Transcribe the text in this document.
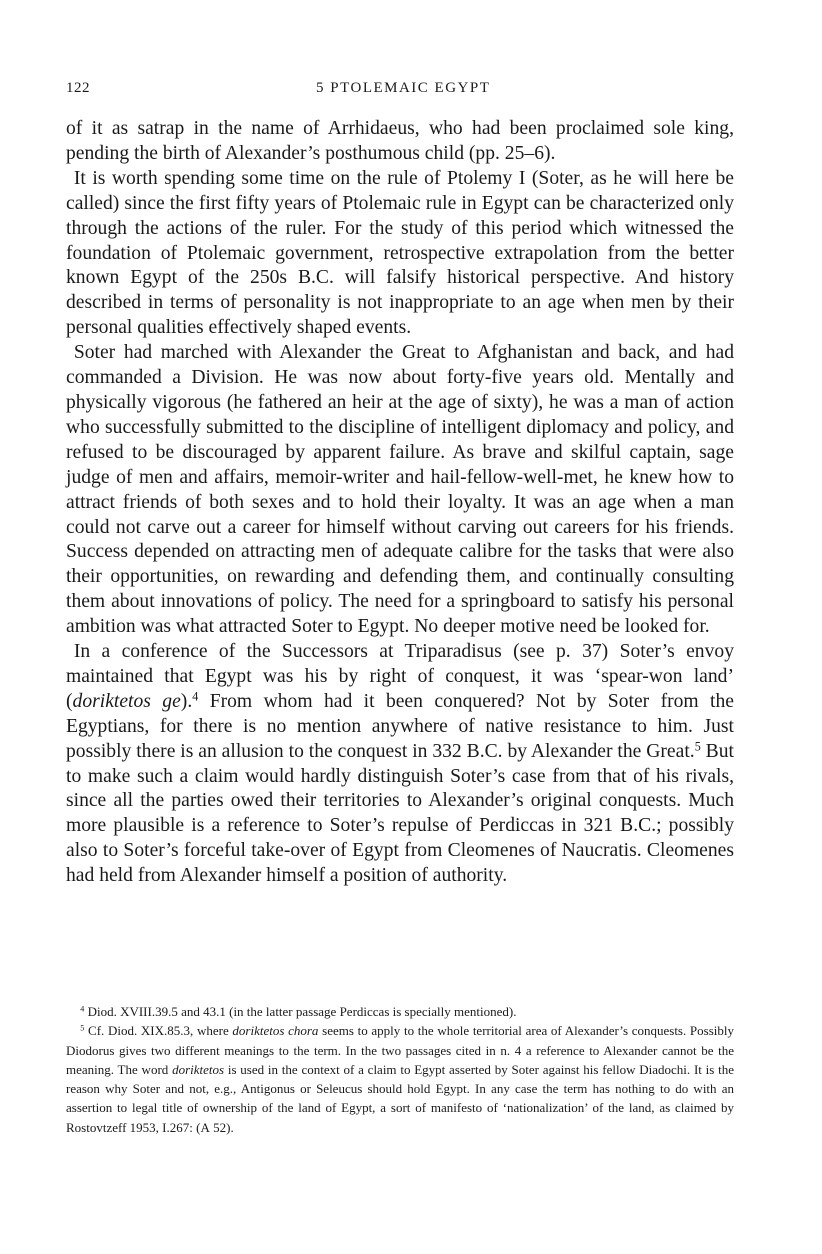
122	5 PTOLEMAIC EGYPT

of it as satrap in the name of Arrhidaeus, who had been proclaimed sole king, pending the birth of Alexander’s posthumous child (pp. 25–6).

It is worth spending some time on the rule of Ptolemy I (Soter, as he will here be called) since the first fifty years of Ptolemaic rule in Egypt can be characterized only through the actions of the ruler. For the study of this period which witnessed the foundation of Ptolemaic government, retrospective extrapolation from the better known Egypt of the 250s B.C. will falsify historical perspective. And history described in terms of personality is not inappropriate to an age when men by their personal qualities effectively shaped events.

Soter had marched with Alexander the Great to Afghanistan and back, and had commanded a Division. He was now about forty-five years old. Mentally and physically vigorous (he fathered an heir at the age of sixty), he was a man of action who successfully submitted to the discipline of intelligent diplomacy and policy, and refused to be discouraged by apparent failure. As brave and skilful captain, sage judge of men and affairs, memoir-writer and hail-fellow-well-met, he knew how to attract friends of both sexes and to hold their loyalty. It was an age when a man could not carve out a career for himself without carving out careers for his friends. Success depended on attracting men of adequate calibre for the tasks that were also their opportunities, on rewarding and defending them, and continually consulting them about innovations of policy. The need for a springboard to satisfy his personal ambition was what attracted Soter to Egypt. No deeper motive need be looked for.

In a conference of the Successors at Triparadisus (see p. 37) Soter’s envoy maintained that Egypt was his by right of conquest, it was ‘spear-won land’ (doriktetos ge).$^4$ From whom had it been conquered? Not by Soter from the Egyptians, for there is no mention anywhere of native resistance to him. Just possibly there is an allusion to the conquest in 332 B.C. by Alexander the Great.$^5$ But to make such a claim would hardly distinguish Soter’s case from that of his rivals, since all the parties owed their territories to Alexander’s original conquests. Much more plausible is a reference to Soter’s repulse of Perdiccas in 321 B.C.; possibly also to Soter’s forceful take-over of Egypt from Cleomenes of Naucratis. Cleomenes had held from Alexander himself a position of authority.

$^4$ Diod. XVIII.39.5 and 43.1 (in the latter passage Perdiccas is specially mentioned).

$^5$ Cf. Diod. XIX.85.3, where doriktetos chora seems to apply to the whole territorial area of Alexander’s conquests. Possibly Diodorus gives two different meanings to the term. In the two passages cited in n. 4 a reference to Alexander cannot be the meaning. The word doriktetos is used in the context of a claim to Egypt asserted by Soter against his fellow Diadochi. It is the reason why Soter and not, e.g., Antigonus or Seleucus should hold Egypt. In any case the term has nothing to do with an assertion to legal title of ownership of the land of Egypt, a sort of manifesto of ‘nationalization’ of the land, as claimed by Rostovtzeff 1953, I.267: (A 52).
